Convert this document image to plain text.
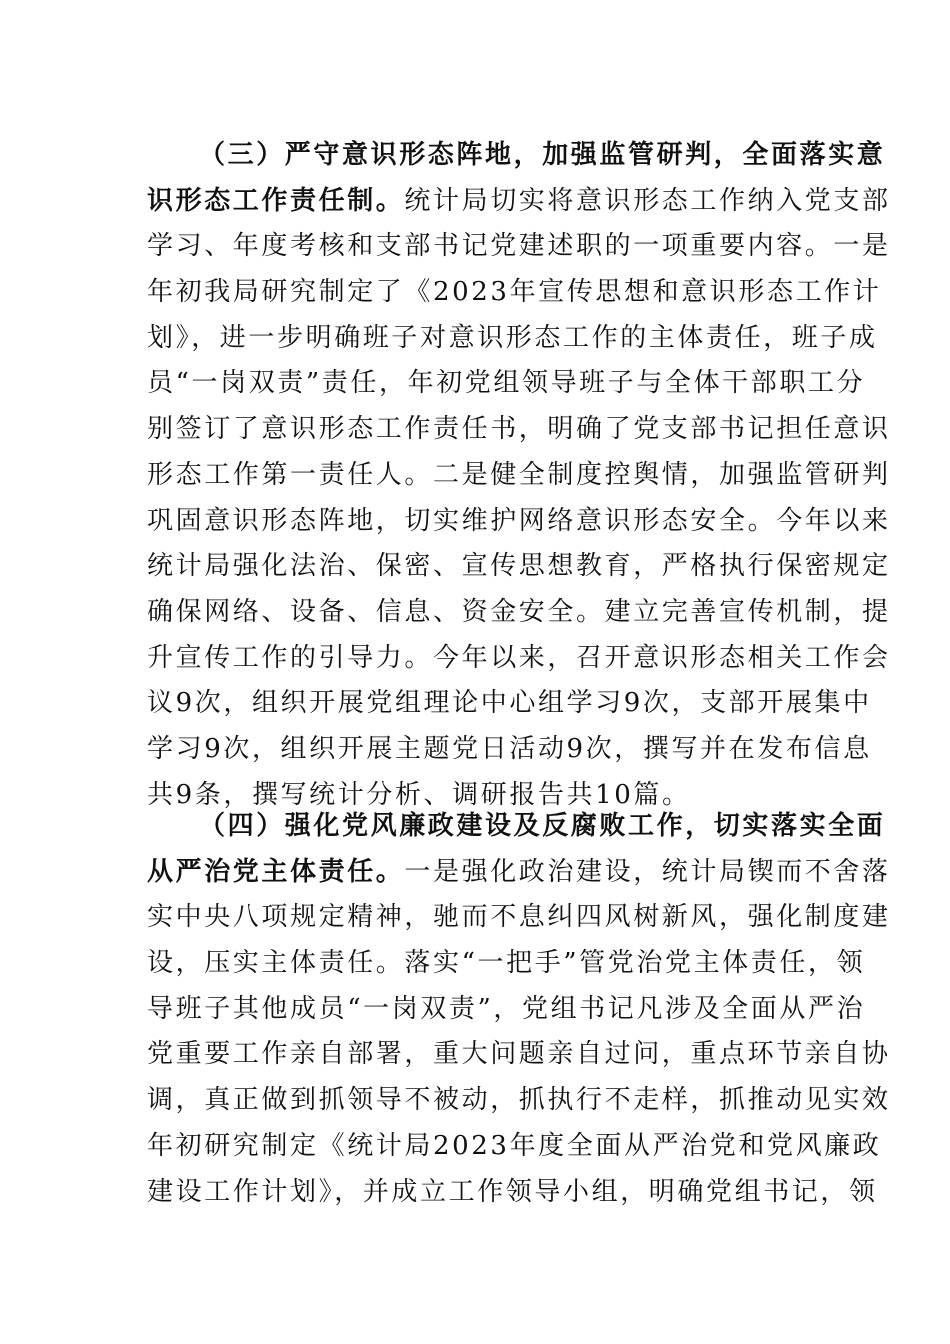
（三）严守意识形态阵地，加强监管研判，全面落实意
识形态工作责任制。统计局切实将意识形态工作纳入党支部
学习、年度考核和支部书记党建述职的一项重要内容。一是
年初我局研究制定了《2023年宣传思想和意识形态工作计
划》，进一步明确班子对意识形态工作的主体责任，班子成
员“一岗双责”责任，年初党组领导班子与全体干部职工分
别签订了意识形态工作责任书，明确了党支部书记担任意识
形态工作第一责任人。二是健全制度控舆情，加强监管研判
巩固意识形态阵地，切实维护网络意识形态安全。今年以来
统计局强化法治、保密、宣传思想教育，严格执行保密规定
确保网络、设备、信息、资金安全。建立完善宣传机制，提
升宣传工作的引导力。今年以来，召开意识形态相关工作会
议9次，组织开展党组理论中心组学习9次，支部开展集中
学习9次，组织开展主题党日活动9次，撰写并在发布信息
共9条，撰写统计分析、调研报告共10篇。
（四）强化党风廉政建设及反腐败工作，切实落实全面
从严治党主体责任。一是强化政治建设，统计局锲而不舍落
实中央八项规定精神，驰而不息纠四风树新风，强化制度建
设，压实主体责任。落实“一把手”管党治党主体责任，领
导班子其他成员“一岗双责”，党组书记凡涉及全面从严治
党重要工作亲自部署，重大问题亲自过问，重点环节亲自协
调，真正做到抓领导不被动，抓执行不走样，抓推动见实效
年初研究制定《统计局2023年度全面从严治党和党风廉政
建设工作计划》，并成立工作领导小组，明确党组书记，领
